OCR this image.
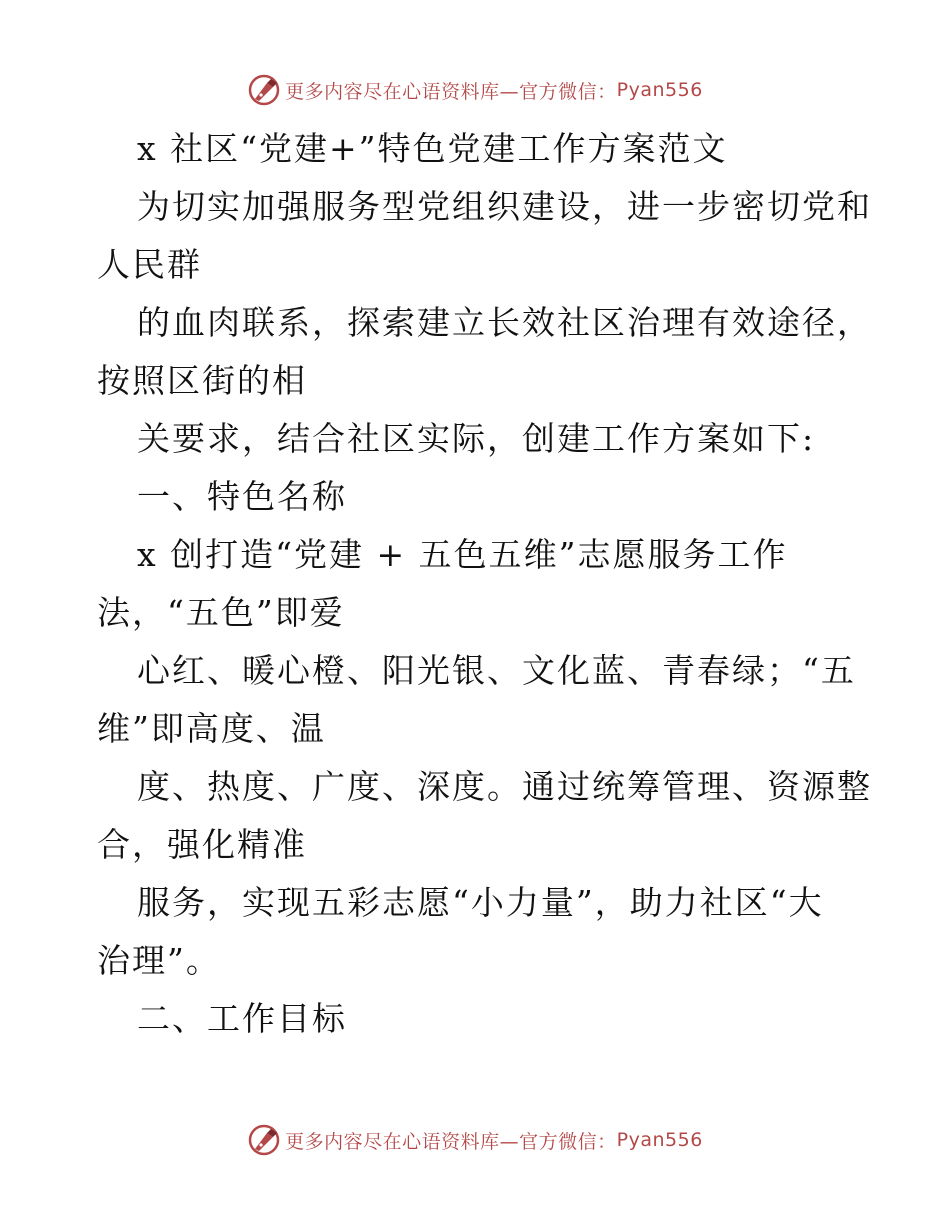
更多内容尽在心语资料库—官方微信： Pyan556
x 社区“党建+”特色党建工作方案范文
为切实加强服务型党组织建设，进一步密切党和
人民群
的血肉联系，探索建立长效社区治理有效途径，
按照区街的相
关要求，结合社区实际，创建工作方案如下:
一、特色名称
x 创打造“党建 + 五色五维”志愿服务工作
法，“五色”即爱
心红、暖心橙、阳光银、文化蓝、青春绿；“五
维”即高度、温
度、热度、广度、深度。通过统筹管理、资源整
合，强化精准
服务，实现五彩志愿“小力量”，助力社区“大
治理”。
二、工作目标
更多内容尽在心语资料库—官方微信： Pyan556
